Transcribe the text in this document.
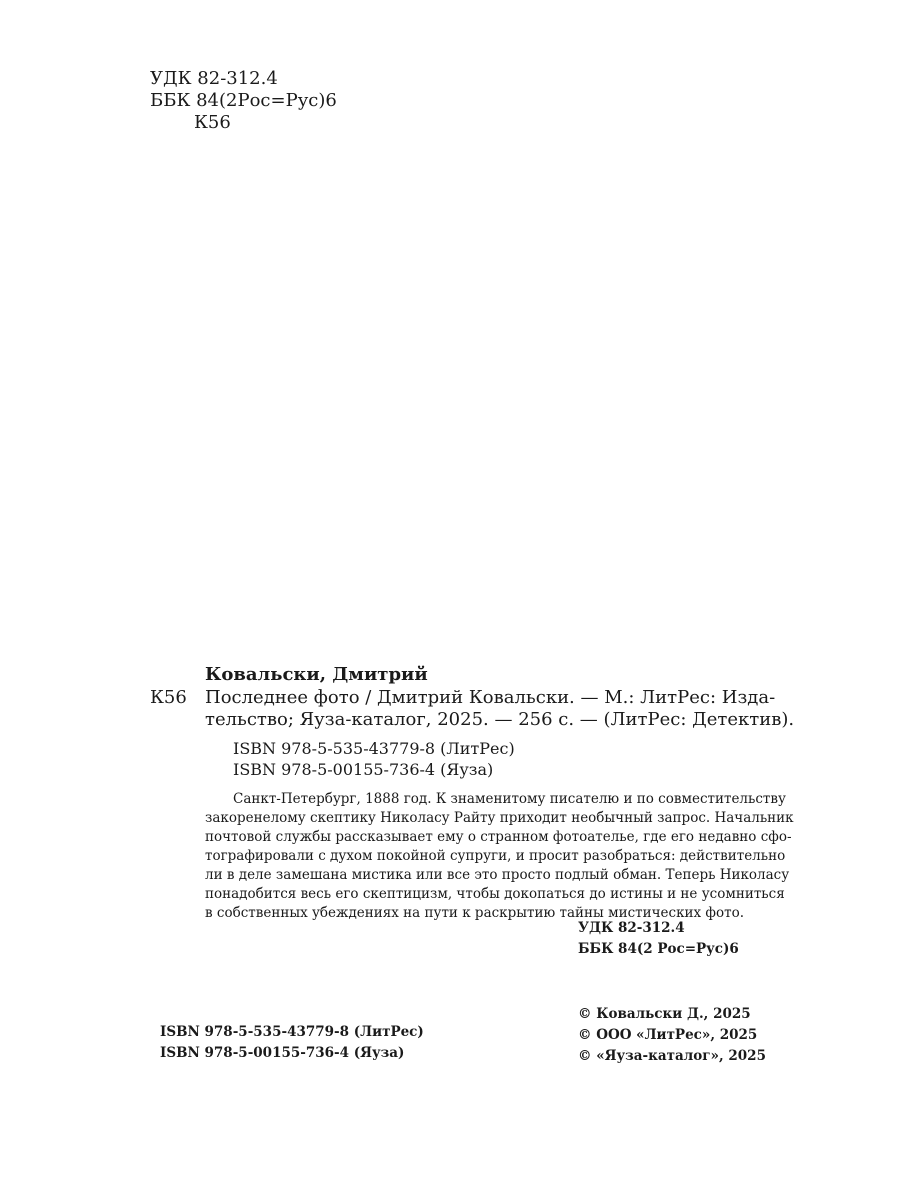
УДК 82-312.4
ББК 84(2Рос=Рус)6
К56
Ковальски, Дмитрий
К56 Последнее фото / Дмитрий Ковальски. — М.: ЛитРес: Изда-
тельство; Яуза-каталог, 2025. — 256 с. — (ЛитРес: Детектив).
ISBN 978-5-535-43779-8 (ЛитРес)
ISBN 978-5-00155-736-4 (Яуза)
Санкт-Петербург, 1888 год. К знаменитому писателю и по совместительству
закоренелому скептику Николасу Райту приходит необычный запрос. Начальник
почтовой службы рассказывает ему о странном фотоателье, где его недавно сфо-
тографировали с духом покойной супруги, и просит разобраться: действительно
ли в деле замешана мистика или все это просто подлый обман. Теперь Николасу
понадобится весь его скептицизм, чтобы докопаться до истины и не усомниться
в собственных убеждениях на пути к раскрытию тайны мистических фото.
УДК 82-312.4
ББК 84(2 Рос=Рус)6
ISBN 978-5-535-43779-8 (ЛитРес)
ISBN 978-5-00155-736-4 (Яуза)
© Ковальски Д., 2025
© ООО «ЛитРес», 2025
© «Яуза-каталог», 2025
